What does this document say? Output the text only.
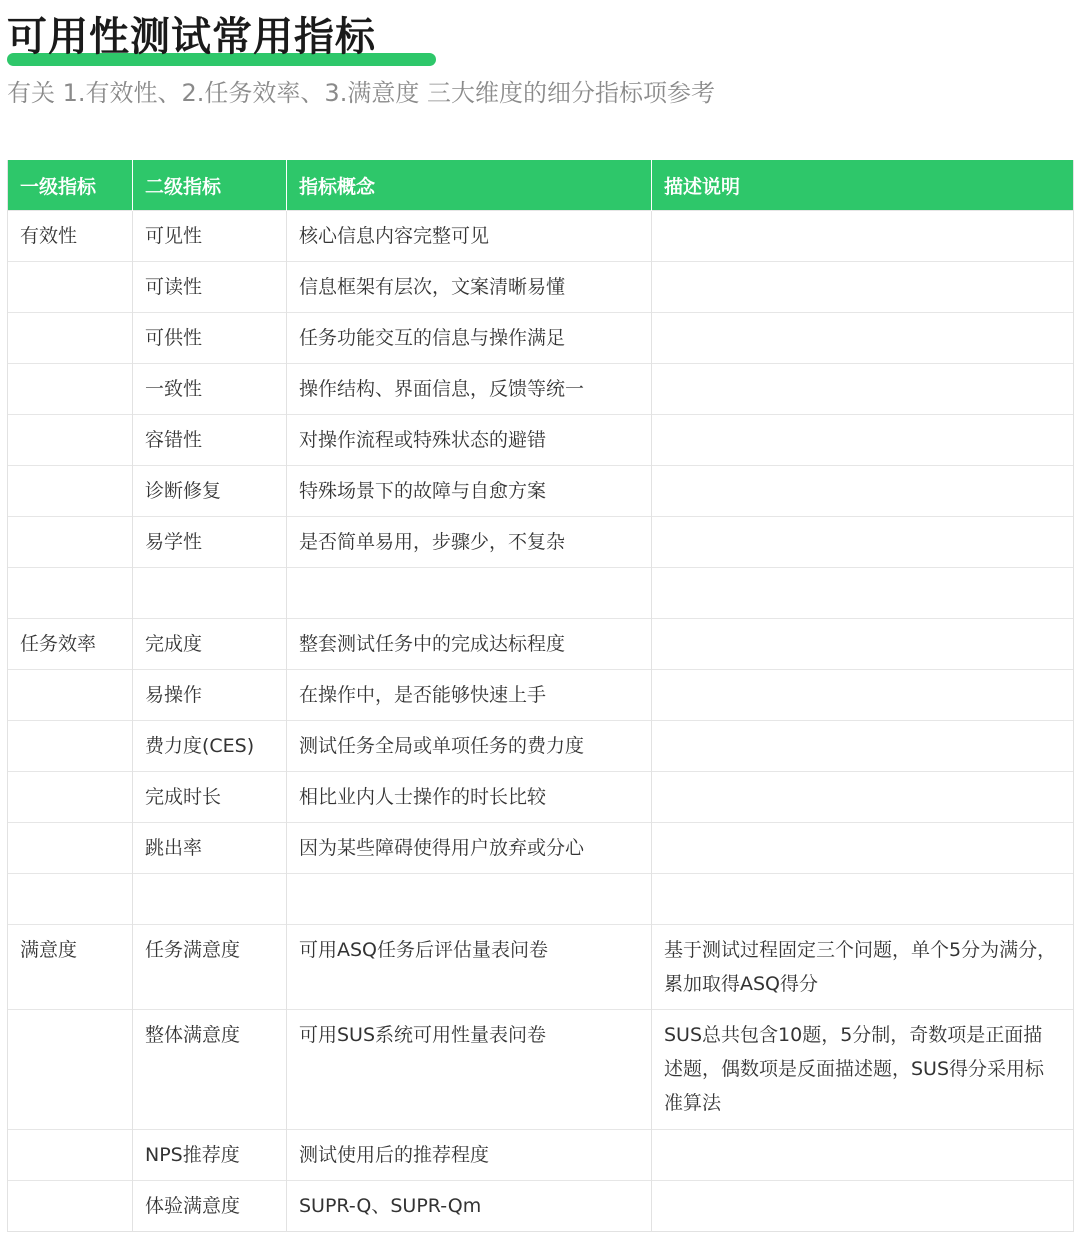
可用性测试常用指标

有关 1.有效性、2.任务效率、3.满意度 三大维度的细分指标项参考

一级指标	二级指标	指标概念	描述说明
有效性	可见性	核心信息内容完整可见	
	可读性	信息框架有层次，文案清晰易懂	
	可供性	任务功能交互的信息与操作满足	
	一致性	操作结构、界面信息，反馈等统一	
	容错性	对操作流程或特殊状态的避错	
	诊断修复	特殊场景下的故障与自愈方案	
	易学性	是否简单易用，步骤少，不复杂	

任务效率	完成度	整套测试任务中的完成达标程度	
	易操作	在操作中，是否能够快速上手	
	费力度(CES)	测试任务全局或单项任务的费力度	
	完成时长	相比业内人士操作的时长比较	
	跳出率	因为某些障碍使得用户放弃或分心	

满意度	任务满意度	可用ASQ任务后评估量表问卷	基于测试过程固定三个问题，单个5分为满分，累加取得ASQ得分
	整体满意度	可用SUS系统可用性量表问卷	SUS总共包含10题，5分制，奇数项是正面描述题，偶数项是反面描述题，SUS得分采用标准算法
	NPS推荐度	测试使用后的推荐程度	
	体验满意度	SUPR-Q、SUPR-Qm	
